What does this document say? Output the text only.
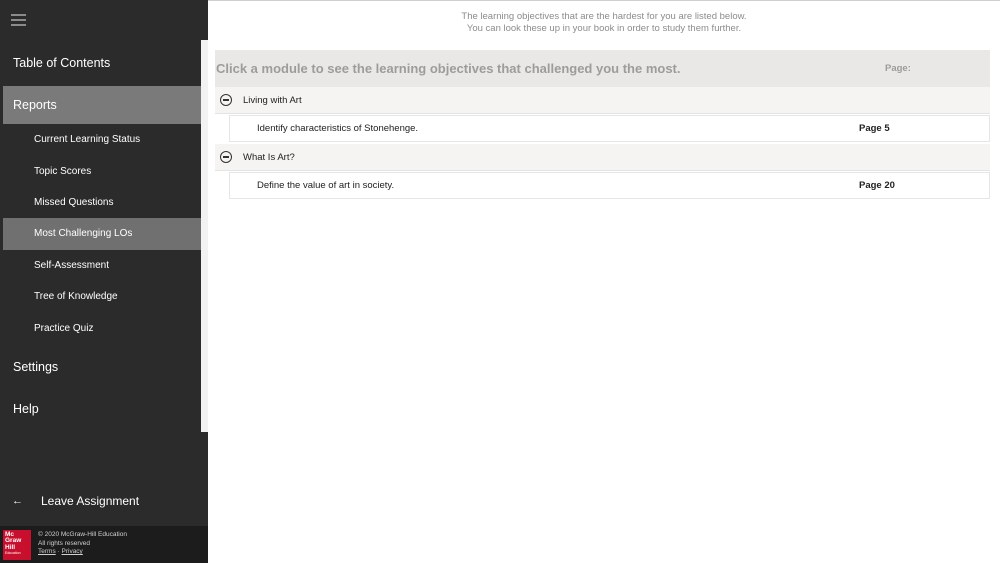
Table of Contents
Reports
Current Learning Status
Topic Scores
Missed Questions
Most Challenging LOs
Self-Assessment
Tree of Knowledge
Practice Quiz
Settings
Help
←	Leave Assignment
Mc
Graw
Hill
Education
© 2020 McGraw-Hill Education
All rights reserved
Terms · Privacy
The learning objectives that are the hardest for you are listed below.
You can look these up in your book in order to study them further.
Click a module to see the learning objectives that challenged you the most.	Page:
Living with Art
Identify characteristics of Stonehenge.	Page 5
What Is Art?
Define the value of art in society.	Page 20
